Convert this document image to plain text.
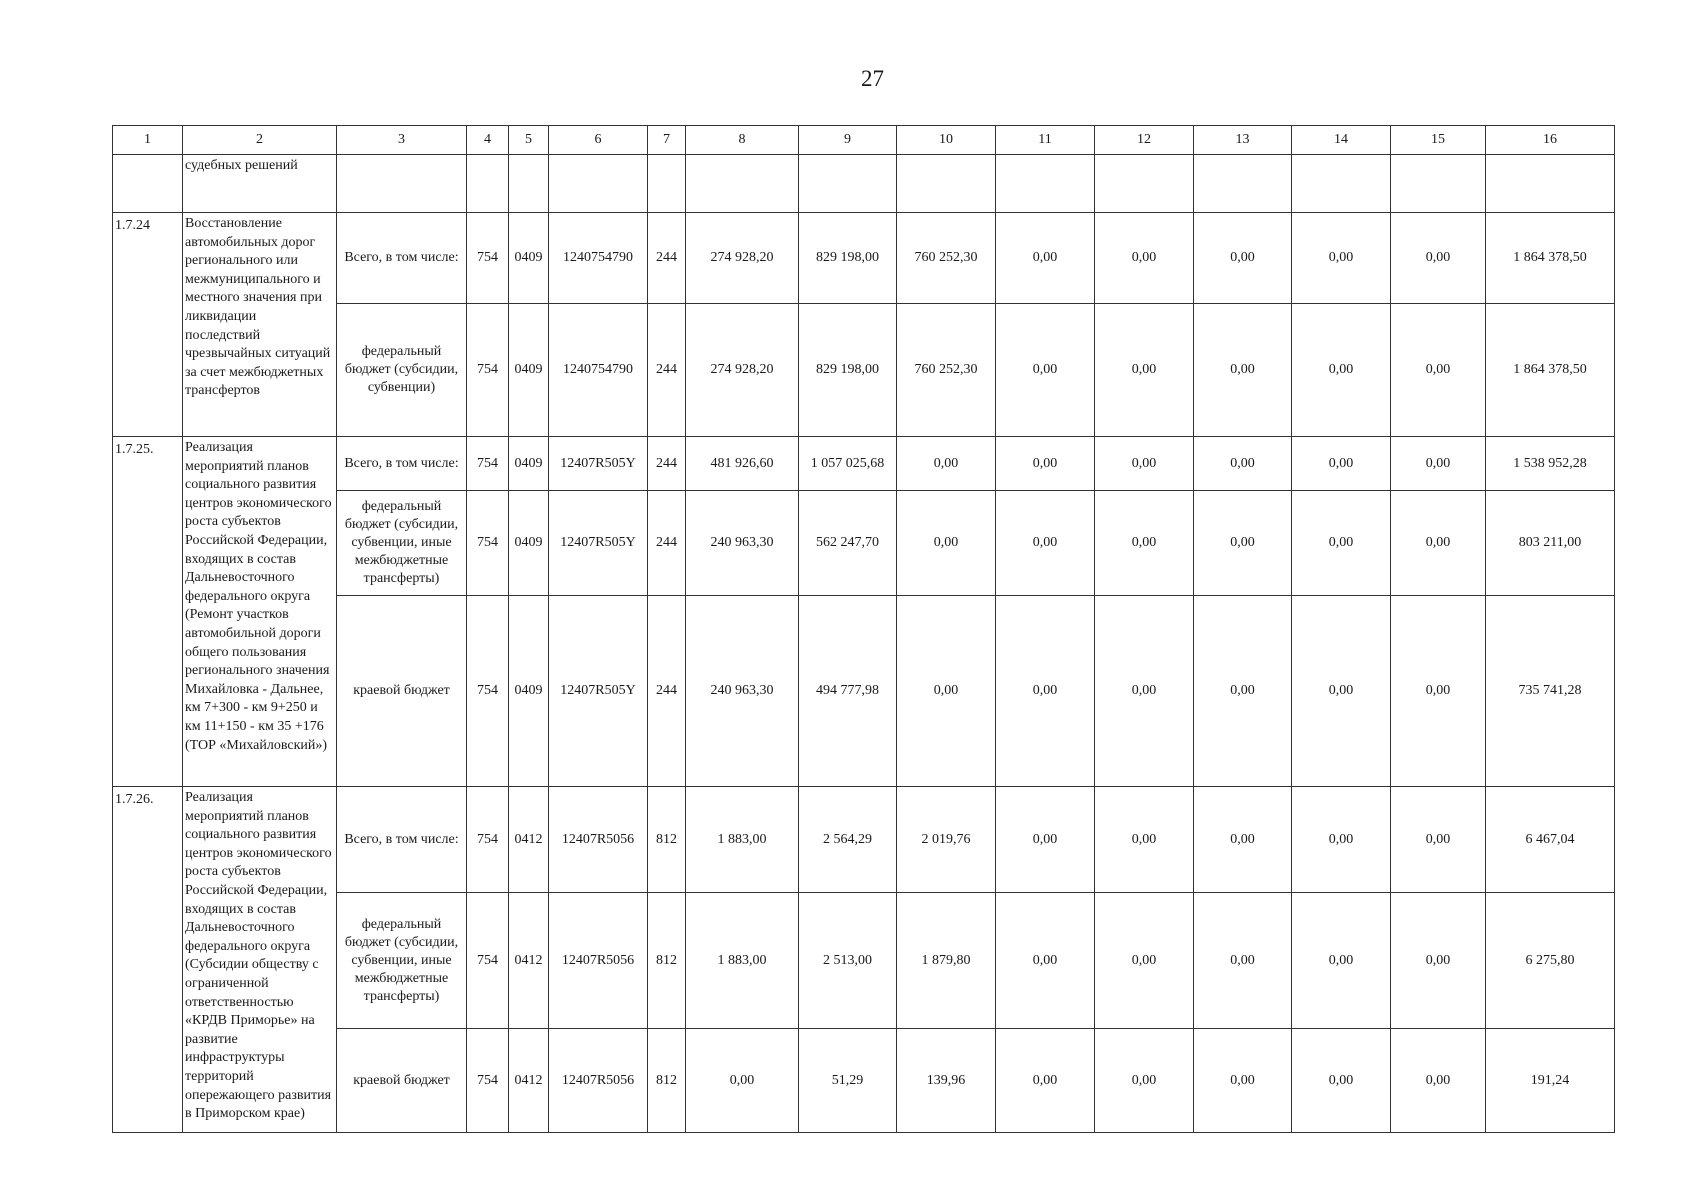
27
1	2	3	4	5	6	7	8	9	10	11	12	13	14	15	16
	судебных решений														
1.7.24	Восстановление автомобильных дорог регионального или межмуниципального и местного значения при ликвидации последствий чрезвычайных ситуаций за счет межбюджетных трансфертов	Всего, в том числе:	754	0409	1240754790	244	274 928,20	829 198,00	760 252,30	0,00	0,00	0,00	0,00	0,00	1 864 378,50
		федеральный бюджет (субсидии, субвенции)	754	0409	1240754790	244	274 928,20	829 198,00	760 252,30	0,00	0,00	0,00	0,00	0,00	1 864 378,50
1.7.25.	Реализация мероприятий планов социального развития центров экономического роста субъектов Российской Федерации, входящих в состав Дальневосточного федерального округа (Ремонт участков автомобильной дороги общего пользования регионального значения Михайловка - Дальнее, км 7+300 - км 9+250 и км 11+150 - км 35 +176 (ТОР «Михайловский»)	Всего, в том числе:	754	0409	12407R505Y	244	481 926,60	1 057 025,68	0,00	0,00	0,00	0,00	0,00	0,00	1 538 952,28
		федеральный бюджет (субсидии, субвенции, иные межбюджетные трансферты)	754	0409	12407R505Y	244	240 963,30	562 247,70	0,00	0,00	0,00	0,00	0,00	0,00	803 211,00
		краевой бюджет	754	0409	12407R505Y	244	240 963,30	494 777,98	0,00	0,00	0,00	0,00	0,00	0,00	735 741,28
1.7.26.	Реализация мероприятий планов социального развития центров экономического роста субъектов Российской Федерации, входящих в состав Дальневосточного федерального округа (Субсидии обществу с ограниченной ответственностью «КРДВ Приморье» на развитие инфраструктуры территорий опережающего развития в Приморском крае)	Всего, в том числе:	754	0412	12407R5056	812	1 883,00	2 564,29	2 019,76	0,00	0,00	0,00	0,00	0,00	6 467,04
		федеральный бюджет (субсидии, субвенции, иные межбюджетные трансферты)	754	0412	12407R5056	812	1 883,00	2 513,00	1 879,80	0,00	0,00	0,00	0,00	0,00	6 275,80
		краевой бюджет	754	0412	12407R5056	812	0,00	51,29	139,96	0,00	0,00	0,00	0,00	0,00	191,24
